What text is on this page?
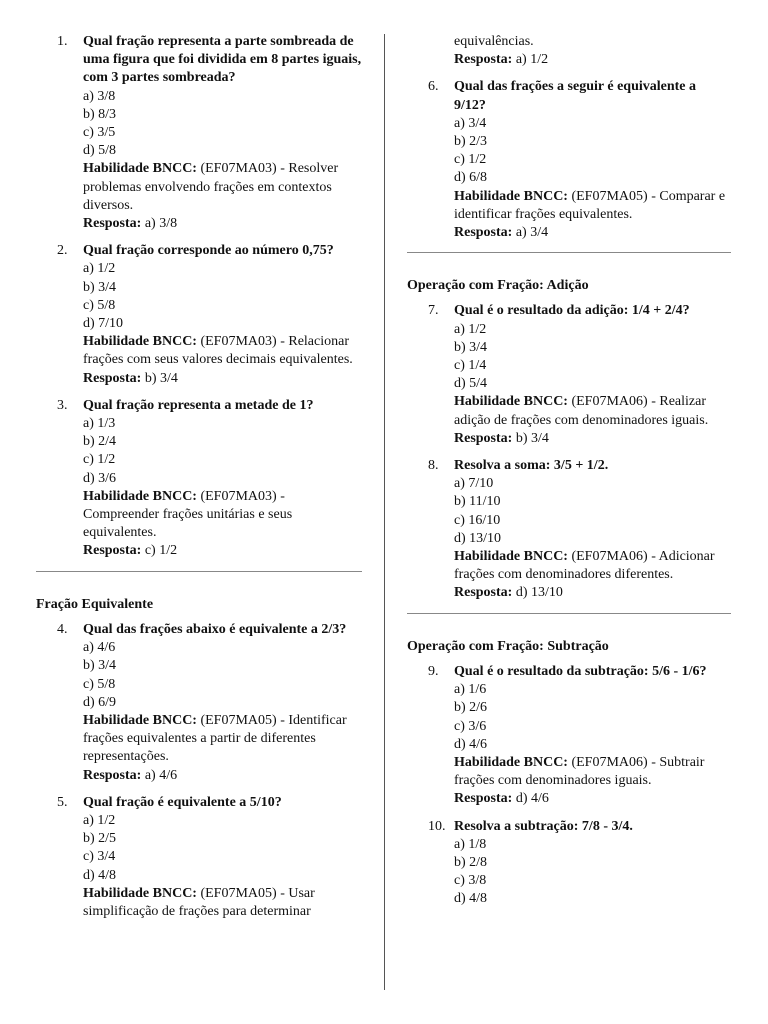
1. Qual fração representa a parte sombreada de uma figura que foi dividida em 8 partes iguais, com 3 partes sombreada?
a) 3/8
b) 8/3
c) 3/5
d) 5/8
Habilidade BNCC: (EF07MA03) - Resolver problemas envolvendo frações em contextos diversos.
Resposta: a) 3/8
2. Qual fração corresponde ao número 0,75?
a) 1/2
b) 3/4
c) 5/8
d) 7/10
Habilidade BNCC: (EF07MA03) - Relacionar frações com seus valores decimais equivalentes.
Resposta: b) 3/4
3. Qual fração representa a metade de 1?
a) 1/3
b) 2/4
c) 1/2
d) 3/6
Habilidade BNCC: (EF07MA03) - Compreender frações unitárias e seus equivalentes.
Resposta: c) 1/2
Fração Equivalente
4. Qual das frações abaixo é equivalente a 2/3?
a) 4/6
b) 3/4
c) 5/8
d) 6/9
Habilidade BNCC: (EF07MA05) - Identificar frações equivalentes a partir de diferentes representações.
Resposta: a) 4/6
5. Qual fração é equivalente a 5/10?
a) 1/2
b) 2/5
c) 3/4
d) 4/8
Habilidade BNCC: (EF07MA05) - Usar simplificação de frações para determinar
equivalências.
Resposta: a) 1/2
6. Qual das frações a seguir é equivalente a 9/12?
a) 3/4
b) 2/3
c) 1/2
d) 6/8
Habilidade BNCC: (EF07MA05) - Comparar e identificar frações equivalentes.
Resposta: a) 3/4
Operação com Fração: Adição
7. Qual é o resultado da adição: 1/4 + 2/4?
a) 1/2
b) 3/4
c) 1/4
d) 5/4
Habilidade BNCC: (EF07MA06) - Realizar adição de frações com denominadores iguais.
Resposta: b) 3/4
8. Resolva a soma: 3/5 + 1/2.
a) 7/10
b) 11/10
c) 16/10
d) 13/10
Habilidade BNCC: (EF07MA06) - Adicionar frações com denominadores diferentes.
Resposta: d) 13/10
Operação com Fração: Subtração
9. Qual é o resultado da subtração: 5/6 - 1/6?
a) 1/6
b) 2/6
c) 3/6
d) 4/6
Habilidade BNCC: (EF07MA06) - Subtrair frações com denominadores iguais.
Resposta: d) 4/6
10. Resolva a subtração: 7/8 - 3/4.
a) 1/8
b) 2/8
c) 3/8
d) 4/8
